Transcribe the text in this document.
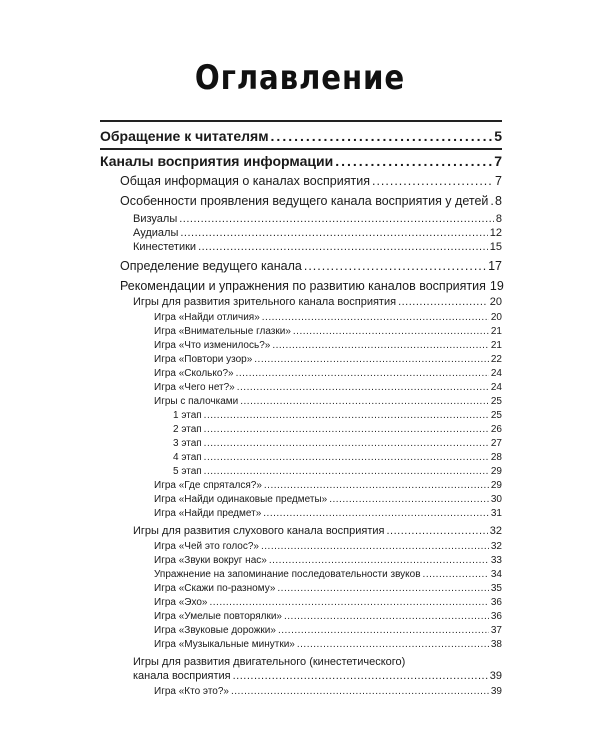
Оглавление
Обращение к читателям .....	5
Каналы восприятия информации .....	7
Общая информация о каналах восприятия .....	7
Особенности проявления ведущего канала восприятия у детей ..... 8
Визуалы .....	8
Аудиалы .....	12
Кинестетики .....	15
Определение ведущего канала .....	17
Рекомендации и упражнения по развитию каналов восприятия 19
Игры для развития зрительного канала восприятия .....	20
Игра «Найди отличия» .....	20
Игра «Внимательные глазки» .....	21
Игра «Что изменилось?» .....	21
Игра «Повтори узор» .....	22
Игра «Сколько?» .....	24
Игра «Чего нет?» .....	24
Игры с палочками .....	25
1 этап .....	25
2 этап .....	26
3 этап .....	27
4 этап .....	28
5 этап .....	29
Игра «Где спрятался?» .....	29
Игра «Найди одинаковые предметы» .....	30
Игра «Найди предмет» .....	31
Игры для развития слухового канала восприятия .....	32
Игра «Чей это голос?» .....	32
Игра «Звуки вокруг нас» .....	33
Упражнение на запоминание последовательности звуков .....	34
Игра «Скажи по-разному» .....	35
Игра «Эхо» .....	36
Игра «Умелые повторялки» .....	36
Игра «Звуковые дорожки» .....	37
Игра «Музыкальные минутки» .....	38
Игры для развития двигательного (кинестетического)
канала восприятия .....	39
Игра «Кто это?» .....	39
